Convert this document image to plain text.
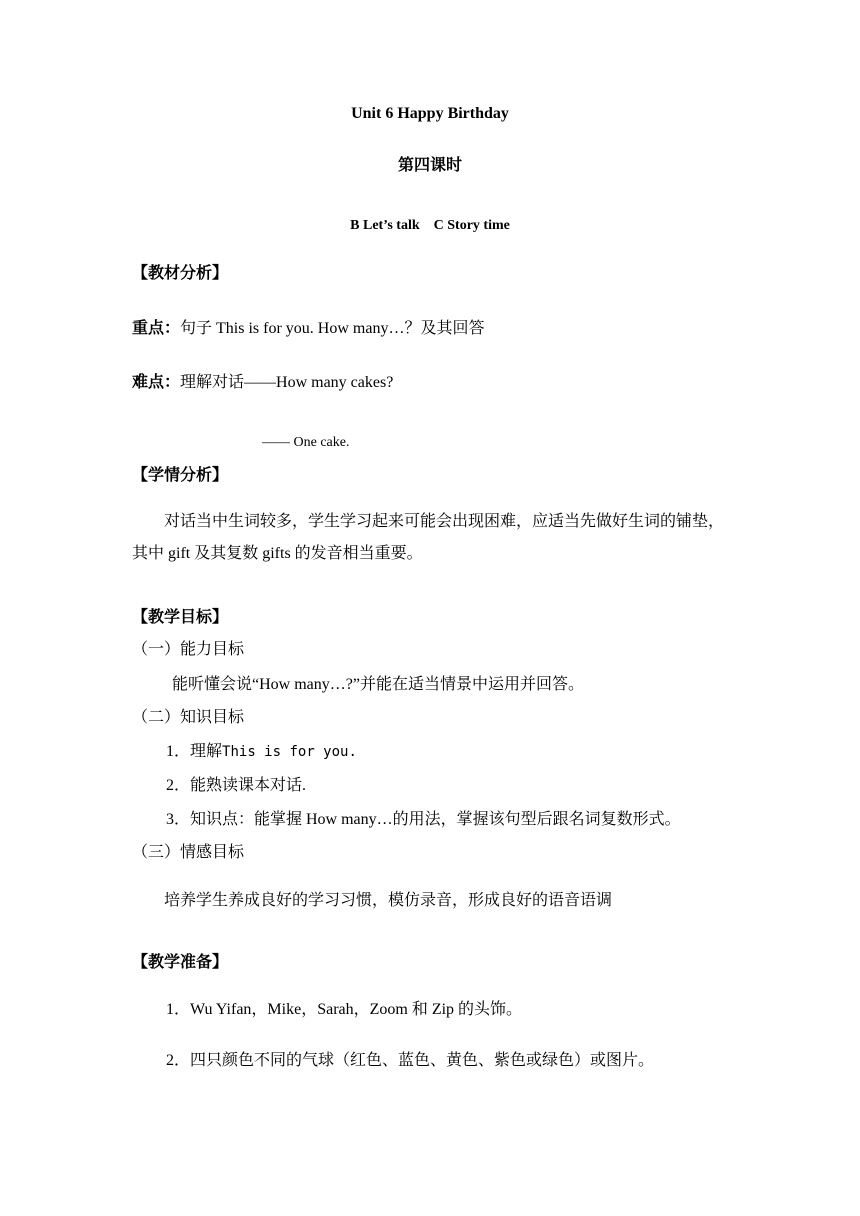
Unit 6 Happy Birthday
第四课时
B Let’s talk　C Story time
【教材分析】
重点：句子 This is for you. How many…？及其回答
难点：理解对话——How many cakes?
—— One cake.
【学情分析】
对话当中生词较多，学生学习起来可能会出现困难，应适当先做好生词的铺垫，其中 gift 及其复数 gifts 的发音相当重要。
【教学目标】
（一）能力目标
能听懂会说“How many…?”并能在适当情景中运用并回答。
（二）知识目标
1．理解This is for you.
2．能熟读课本对话.
3．知识点：能掌握 How many…的用法，掌握该句型后跟名词复数形式。
（三）情感目标
培养学生养成良好的学习习惯，模仿录音，形成良好的语音语调
【教学准备】
1．Wu Yifan，Mike，Sarah，Zoom 和 Zip 的头饰。
2．四只颜色不同的气球（红色、蓝色、黄色、紫色或绿色）或图片。
